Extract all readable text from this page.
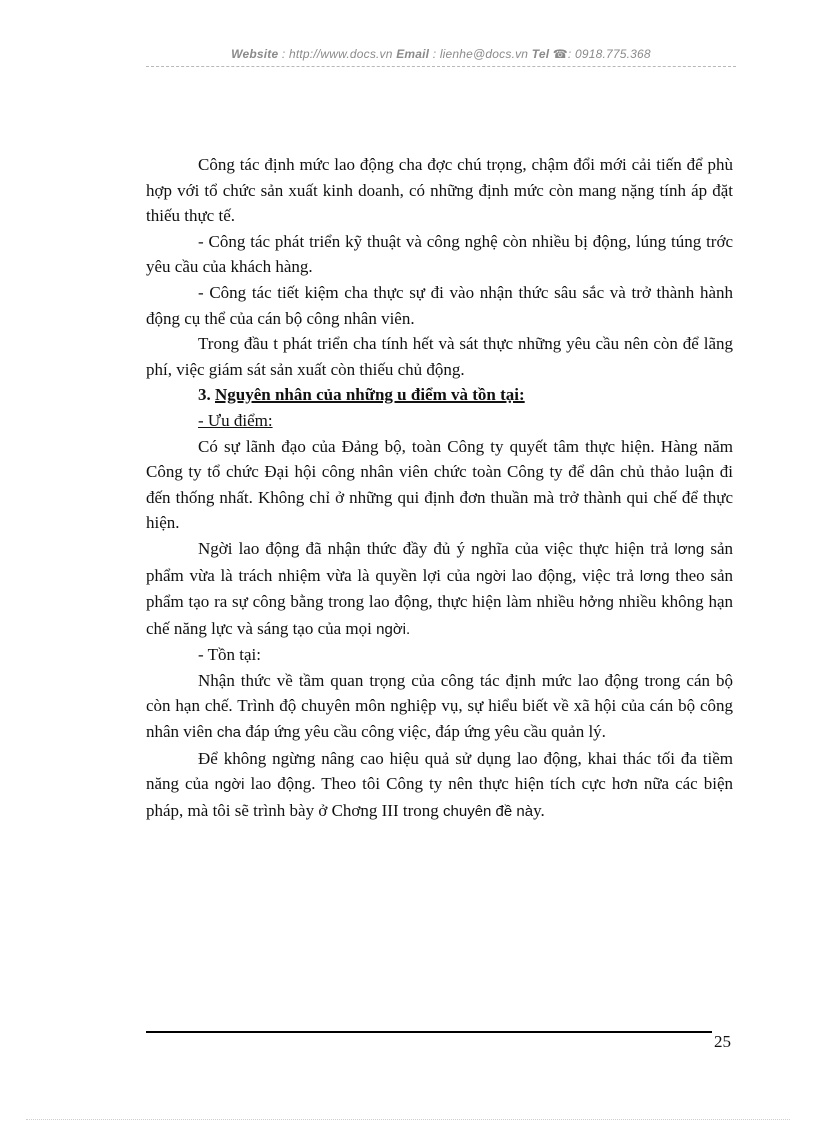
Website : http://www.docs.vn Email : lienhe@docs.vn Tel ☎: 0918.775.368

Công tác định mức lao động cha đợc chú trọng, chậm đổi mới cải tiến để phù hợp với tổ chức sản xuất kinh doanh, có những định mức còn mang nặng tính áp đặt thiếu thực tế.

- Công tác phát triển kỹ thuật và công nghệ còn nhiều bị động, lúng túng trớc yêu cầu của khách hàng.

- Công tác tiết kiệm cha thực sự đi vào nhận thức sâu sắc và trở thành hành động cụ thể của cán bộ công nhân viên.

Trong đầu t phát triển cha tính hết và sát thực những yêu cầu nên còn để lãng phí, việc giám sát sản xuất còn thiếu chủ động.

3. Nguyên nhân của những u điểm và tồn tại:

- Ưu điểm:

Có sự lãnh đạo của Đảng bộ, toàn Công ty quyết tâm thực hiện. Hàng năm Công ty tổ chức Đại hội công nhân viên chức toàn Công ty để dân chủ thảo luận đi đến thống nhất. Không chỉ ở những qui định đơn thuần mà trở thành qui chế để thực hiện.

Ngời lao động đã nhận thức đầy đủ ý nghĩa của việc thực hiện trả lơng sản phẩm vừa là trách nhiệm vừa là quyền lợi của ngời lao động, việc trả lơng theo sản phẩm tạo ra sự công bằng trong lao động, thực hiện làm nhiều hởng nhiều không hạn chế năng lực và sáng tạo của mọi ngời.

- Tồn tại:

Nhận thức về tầm quan trọng của công tác định mức lao động trong cán bộ còn hạn chế. Trình độ chuyên môn nghiệp vụ, sự hiểu biết về xã hội của cán bộ công nhân viên cha đáp ứng yêu cầu công việc, đáp ứng yêu cầu quản lý.

Để không ngừng nâng cao hiệu quả sử dụng lao động, khai thác tối đa tiềm năng của ngời lao động. Theo tôi Công ty nên thực hiện tích cực hơn nữa các biện pháp, mà tôi sẽ trình bày ở Chơng III trong chuyên đề này.

25
